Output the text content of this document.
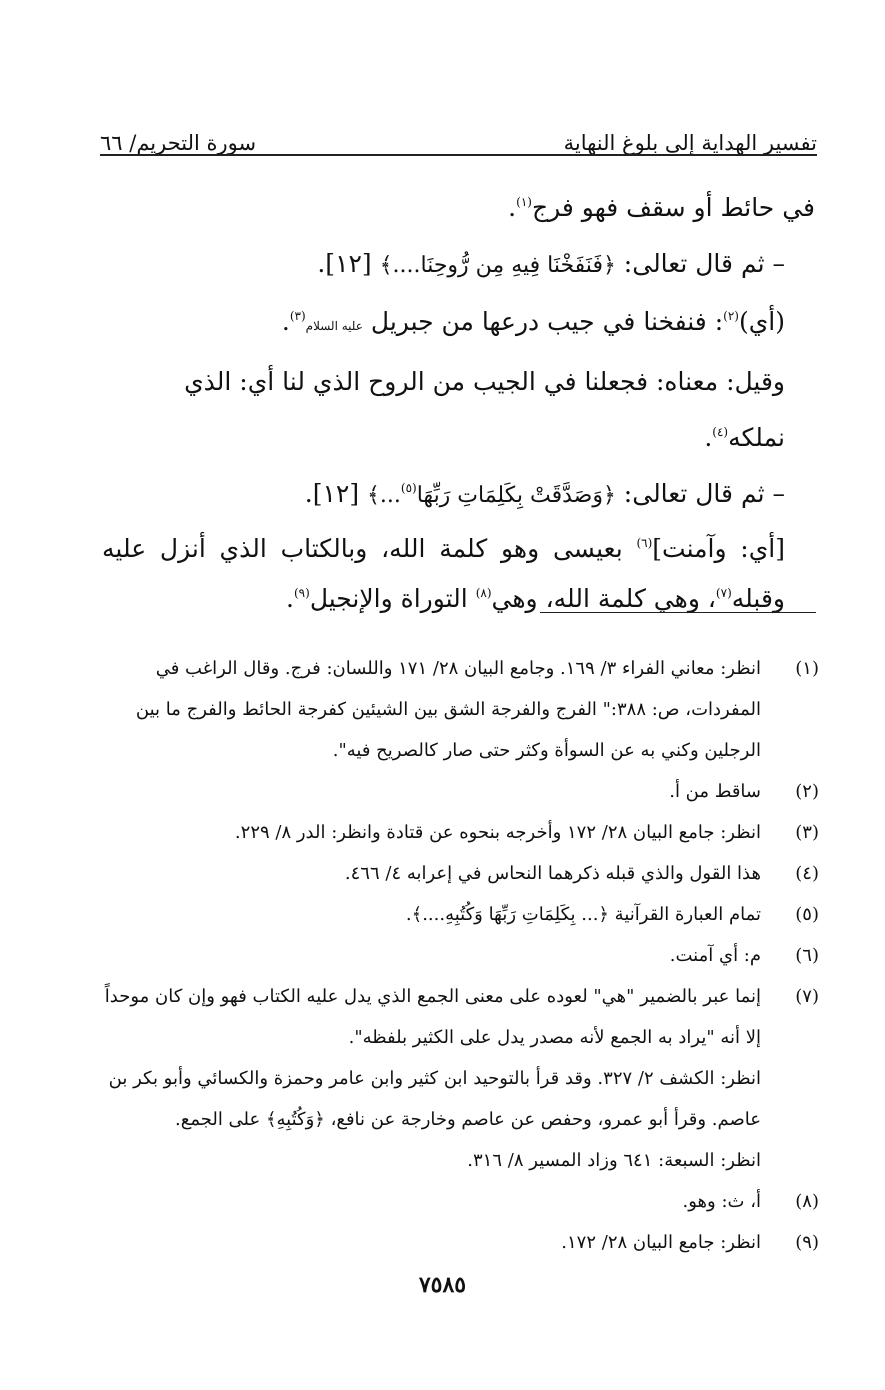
تفسير الهداية إلى بلوغ النهاية
سورة التحريم/ ٦٦

في حائط أو سقف فهو فرج$^{(١)}$.

– ثم قال تعالى: ﴿فَنَفَخْنَا فِيهِ مِن رُّوحِنَا....﴾ [١٢].

(أي)$^{(٢)}$: فنفخنا في جيب درعها من جبريل عليه السلام$^{(٣)}$.

وقيل: معناه: فجعلنا في الجيب من الروح الذي لنا أي: الذي نملكه$^{(٤)}$.

– ثم قال تعالى: ﴿وَصَدَّقَتْ بِكَلِمَاتِ رَبِّهَا$^{(٥)}$...﴾ [١٢].

[أي: وآمنت]$^{(٦)}$ بعيسى وهو كلمة الله، وبالكتاب الذي أنزل عليه وقبله$^{(٧)}$، وهي كلمة الله، وهي$^{(٨)}$ التوراة والإنجيل$^{(٩)}$.

(١)
انظر: معاني الفراء ٣/ ١٦٩. وجامع البيان ٢٨/ ١٧١ واللسان: فرج. وقال الراغب في
المفردات، ص: ٣٨٨:" الفرج والفرجة الشق بين الشيئين كفرجة الحائط والفرج ما بين
الرجلين وكني به عن السوأة وكثر حتى صار كالصريح فيه".
(٢)
ساقط من أ.
(٣)
انظر: جامع البيان ٢٨/ ١٧٢ وأخرجه بنحوه عن قتادة وانظر: الدر ٨/ ٢٢٩.
(٤)
هذا القول والذي قبله ذكرهما النحاس في إعرابه ٤/ ٤٦٦.
(٥)
تمام العبارة القرآنية ﴿... بِكَلِمَاتِ رَبِّهَا وَكُتُبِهِ....﴾.
(٦)
م: أي آمنت.
(٧)
إنما عبر بالضمير "هي" لعوده على معنى الجمع الذي يدل عليه الكتاب فهو وإن كان موحداً
إلا أنه "يراد به الجمع لأنه مصدر يدل على الكثير بلفظه".
انظر: الكشف ٢/ ٣٢٧. وقد قرأ بالتوحيد ابن كثير وابن عامر وحمزة والكسائي وأبو بكر بن
عاصم. وقرأ أبو عمرو، وحفص عن عاصم وخارجة عن نافع، ﴿وَكُتُبِهِ﴾ على الجمع.
انظر: السبعة: ٦٤١ وزاد المسير ٨/ ٣١٦.
(٨)
أ، ث: وهو.
(٩)
انظر: جامع البيان ٢٨/ ١٧٢.
٧٥٨٥
